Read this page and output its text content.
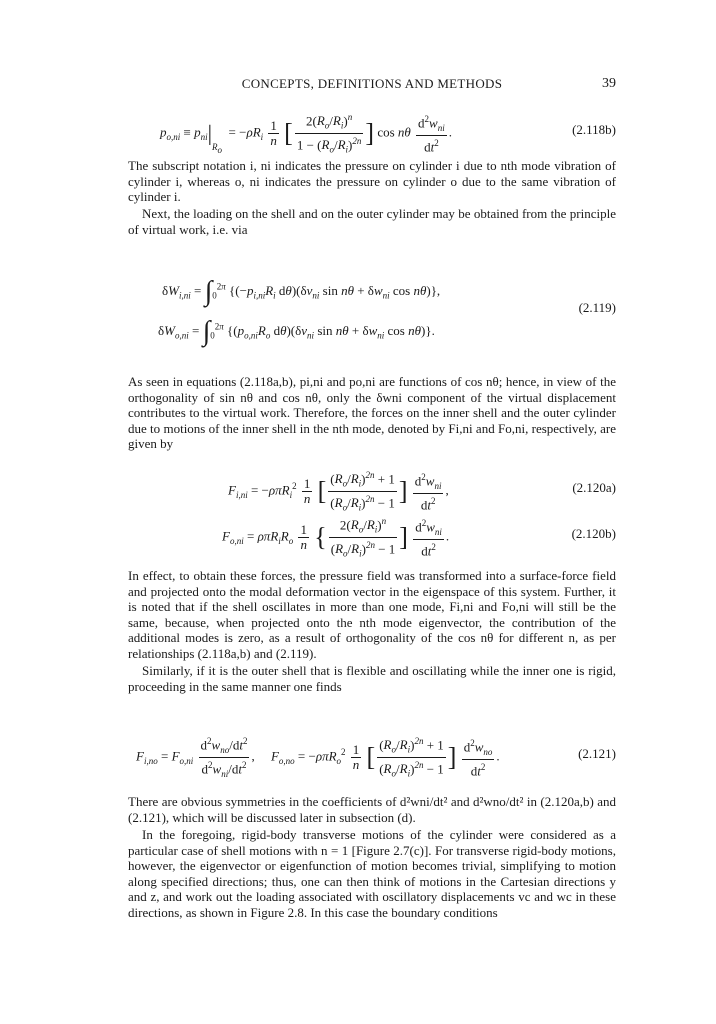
CONCEPTS, DEFINITIONS AND METHODS	39
$p_{o,ni} \equiv p_{ni}|_{R_o} = -\rho R_i \frac{1}{n}$ [ $\frac{2(R_o/R_i)^n}{1 - (R_o/R_i)^{2n}}$ ] cos nθ $\frac{d^2w_{ni}}{dt^2}$ .	(2.118b)

The subscript notation i, ni indicates the pressure on cylinder i due to nth mode vibration of cylinder i, whereas o, ni indicates the pressure on cylinder o due to the same vibration of cylinder i.

Next, the loading on the shell and on the outer cylinder may be obtained from the principle of virtual work, i.e. via

$\delta W_{i,ni} = \int_0^{2\pi}$ {($-p_{i,ni}R_i$ $d\theta)(\delta v_{ni}$ $\sin n\theta + \delta w_{ni}$ cos nθ)},
$\delta W_{o,ni} = \int_0^{2\pi}$ {($p_{o,ni}R_o$ $d\theta)(\delta v_{ni}$ $\sin n\theta + \delta w_{ni}$ cos nθ)}.
(2.119)

As seen in equations (2.118a,b), pi,ni and po,ni are functions of cos nθ; hence, in view of the orthogonality of sin nθ and cos nθ, only the δwni component of the virtual displacement contributes to the virtual work. Therefore, the forces on the inner shell and the outer cylinder due to motions of the inner shell in the nth mode, denoted by Fi,ni and Fo,ni, respectively, are given by

$F_{i,ni} = -\rho\pi R_i^2 \frac{1}{n}$ [ $\frac{(R_o/R_i)^{2n} + 1}{(R_o/R_i)^{2n} - 1}$ ] $\frac{d^2w_{ni}}{dt^2}$ ,	(2.120a)
$F_{o,ni} = \rho\pi R_iR_o \frac{1}{n}$ { $\frac{2(R_o/R_i)^n}{(R_o/R_i)^{2n} - 1}$ ] $\frac{d^2w_{ni}}{dt^2}$ .	(2.120b)

In effect, to obtain these forces, the pressure field was transformed into a surface-force field and projected onto the modal deformation vector in the eigenspace of this system. Further, it is noted that if the shell oscillates in more than one mode, Fi,ni and Fo,ni will still be the same, because, when projected onto the nth mode eigenvector, the contribution of the additional modes is zero, as a result of orthogonality of the cos nθ for different n, as per relationships (2.118a,b) and (2.119).

Similarly, if it is the outer shell that is flexible and oscillating while the inner one is rigid, proceeding in the same manner one finds

$F_{i,no} = F_{o,ni} \frac{d^2w_{no}/dt^2}{d^2w_{ni}/dt^2}$ ,     $F_{o,no} = -\rho\pi R_o^2 \frac{1}{n}$ [ $\frac{(R_o/R_i)^{2n} + 1}{(R_o/R_i)^{2n} - 1}$ ] $\frac{d^2w_{no}}{dt^2}$ .	(2.121)

There are obvious symmetries in the coefficients of d²wni/dt² and d²wno/dt² in (2.120a,b) and (2.121), which will be discussed later in subsection (d).

In the foregoing, rigid-body transverse motions of the cylinder were considered as a particular case of shell motions with n = 1 [Figure 2.7(c)]. For transverse rigid-body motions, however, the eigenvector or eigenfunction of motion becomes trivial, simplifying to motion along specified directions; thus, one can then think of motions in the Cartesian directions y and z, and work out the loading associated with oscillatory displacements vc and wc in these directions, as shown in Figure 2.8. In this case the boundary conditions
